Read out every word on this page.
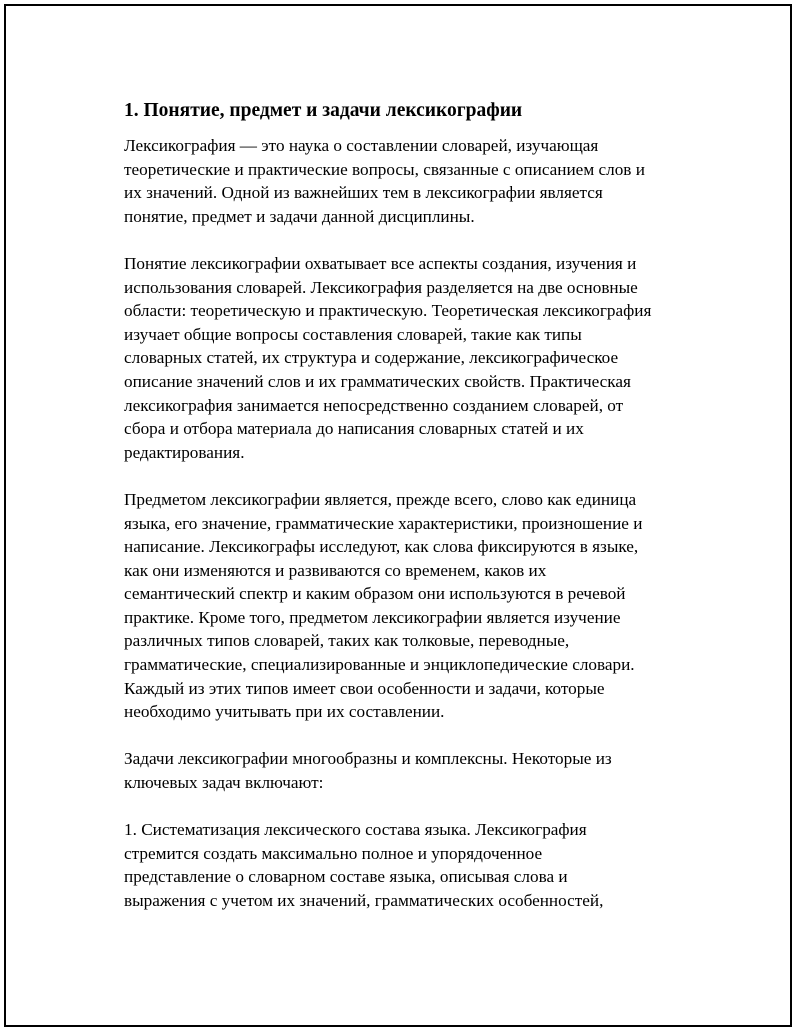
1. Понятие, предмет и задачи лексикографии

Лексикография — это наука о составлении словарей, изучающая
теоретические и практические вопросы, связанные с описанием слов и
их значений. Одной из важнейших тем в лексикографии является
понятие, предмет и задачи данной дисциплины.

Понятие лексикографии охватывает все аспекты создания, изучения и
использования словарей. Лексикография разделяется на две основные
области: теоретическую и практическую. Теоретическая лексикография
изучает общие вопросы составления словарей, такие как типы
словарных статей, их структура и содержание, лексикографическое
описание значений слов и их грамматических свойств. Практическая
лексикография занимается непосредственно созданием словарей, от
сбора и отбора материала до написания словарных статей и их
редактирования.

Предметом лексикографии является, прежде всего, слово как единица
языка, его значение, грамматические характеристики, произношение и
написание. Лексикографы исследуют, как слова фиксируются в языке,
как они изменяются и развиваются со временем, каков их
семантический спектр и каким образом они используются в речевой
практике. Кроме того, предметом лексикографии является изучение
различных типов словарей, таких как толковые, переводные,
грамматические, специализированные и энциклопедические словари.
Каждый из этих типов имеет свои особенности и задачи, которые
необходимо учитывать при их составлении.

Задачи лексикографии многообразны и комплексны. Некоторые из
ключевых задач включают:

1. Систематизация лексического состава языка. Лексикография
стремится создать максимально полное и упорядоченное
представление о словарном составе языка, описывая слова и
выражения с учетом их значений, грамматических особенностей,
